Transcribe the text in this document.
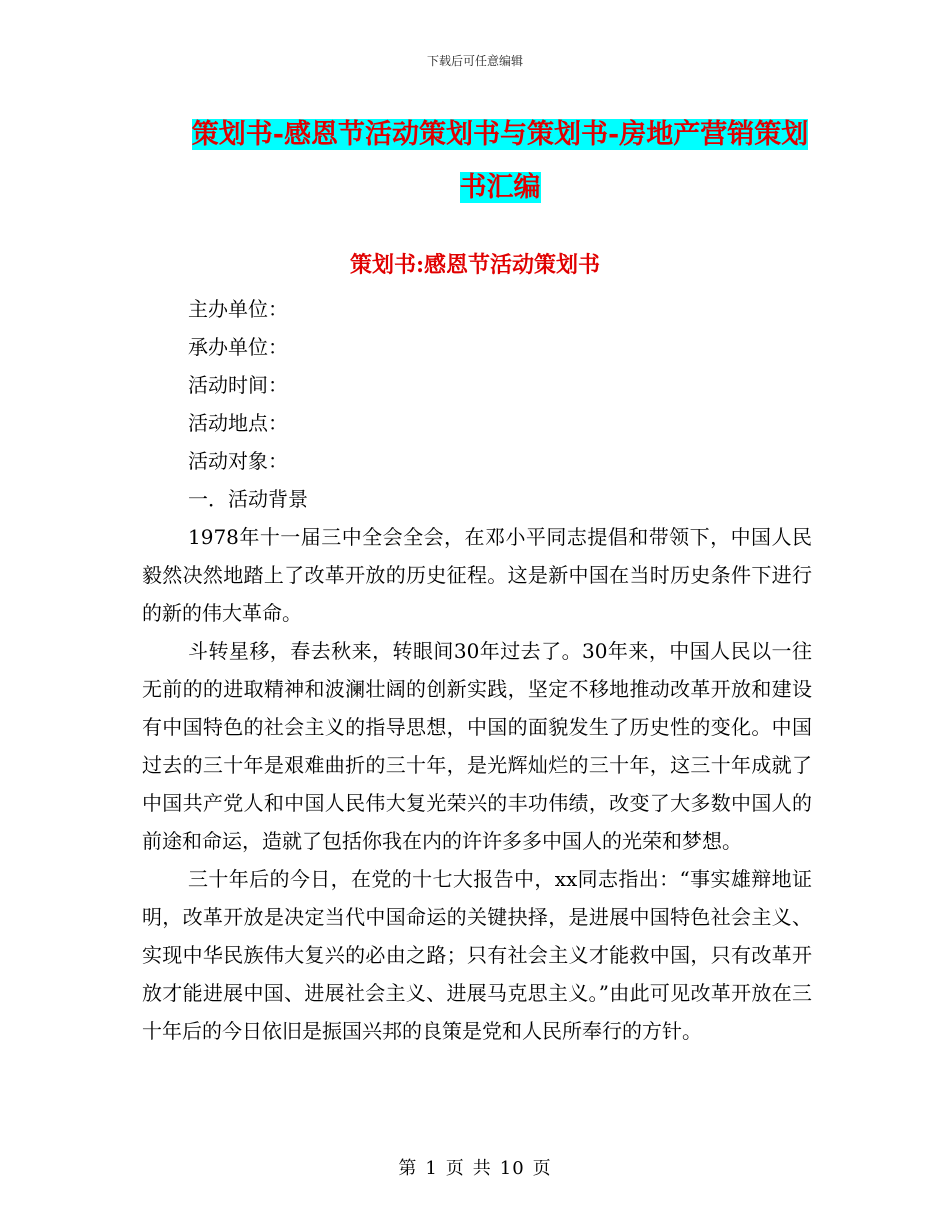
下载后可任意编辑
策划书-感恩节活动策划书与策划书-房地产营销策划书汇编
策划书:感恩节活动策划书
主办单位：
承办单位：
活动时间：
活动地点：
活动对象：
一．活动背景

1978年十一届三中全会全会，在邓小平同志提倡和带领下，中国人民毅然决然地踏上了改革开放的历史征程。这是新中国在当时历史条件下进行的新的伟大革命。

斗转星移，春去秋来，转眼间30年过去了。30年来，中国人民以一往无前的的进取精神和波澜壮阔的创新实践，坚定不移地推动改革开放和建设有中国特色的社会主义的指导思想，中国的面貌发生了历史性的变化。中国过去的三十年是艰难曲折的三十年，是光辉灿烂的三十年，这三十年成就了中国共产党人和中国人民伟大复光荣兴的丰功伟绩，改变了大多数中国人的前途和命运，造就了包括你我在内的许许多多中国人的光荣和梦想。

三十年后的今日，在党的十七大报告中，xx同志指出：“事实雄辩地证明，改革开放是决定当代中国命运的关键抉择，是进展中国特色社会主义、实现中华民族伟大复兴的必由之路；只有社会主义才能救中国，只有改革开放才能进展中国、进展社会主义、进展马克思主义。”由此可见改革开放在三十年后的今日依旧是振国兴邦的良策是党和人民所奉行的方针。

第 1 页 共 10 页
